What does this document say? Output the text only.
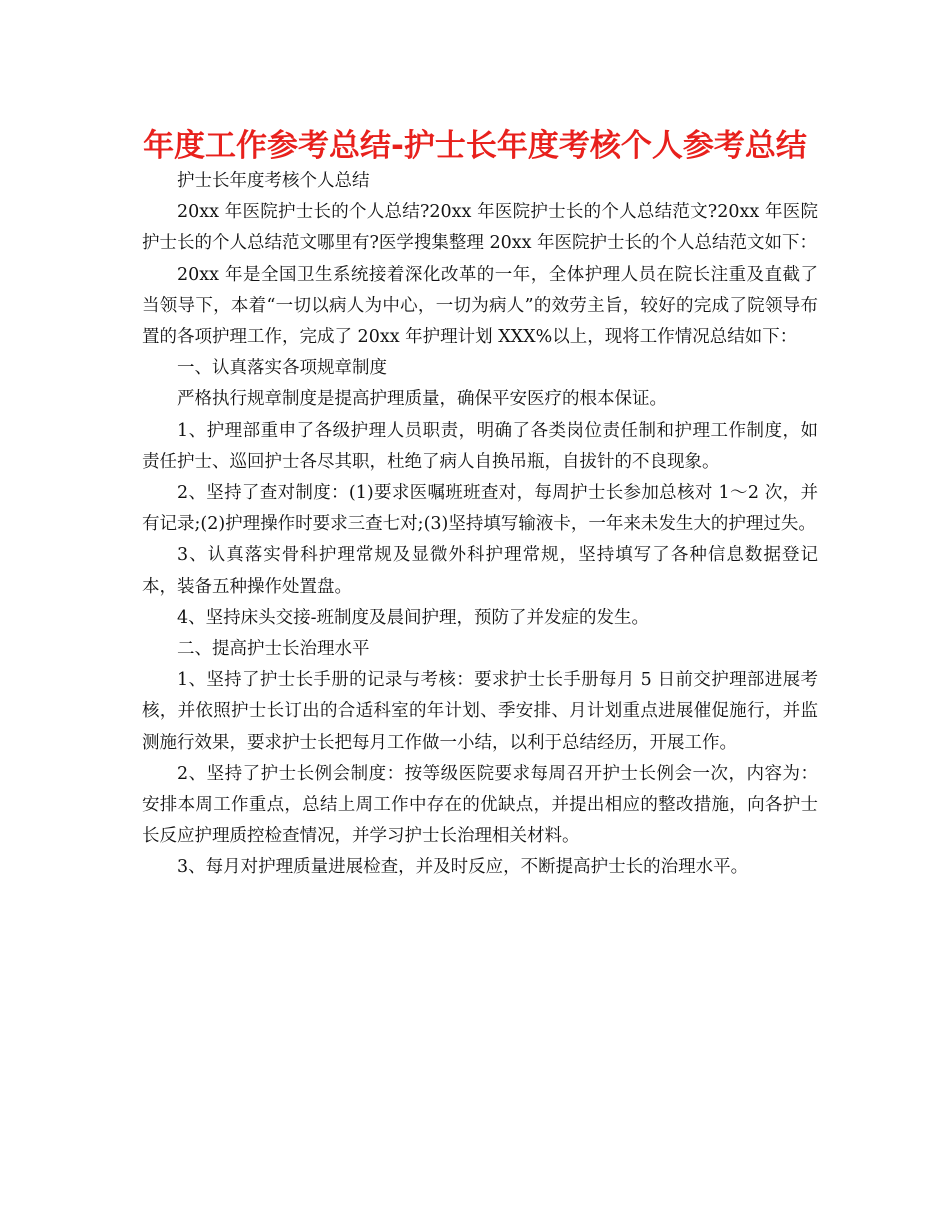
年度工作参考总结-护士长年度考核个人参考总结

护士长年度考核个人总结

20xx 年医院护士长的个人总结?20xx 年医院护士长的个人总结范文?20xx 年医院护士长的个人总结范文哪里有?医学搜集整理 20xx 年医院护士长的个人总结范文如下：

20xx 年是全国卫生系统接着深化改革的一年，全体护理人员在院长注重及直截了当领导下，本着“一切以病人为中心，一切为病人”的效劳主旨，较好的完成了院领导布置的各项护理工作，完成了 20xx 年护理计划 XXX%以上，现将工作情况总结如下：

一、认真落实各项规章制度

严格执行规章制度是提高护理质量，确保平安医疗的根本保证。

1、护理部重申了各级护理人员职责，明确了各类岗位责任制和护理工作制度，如责任护士、巡回护士各尽其职，杜绝了病人自换吊瓶，自拔针的不良现象。

2、坚持了查对制度：(1)要求医嘱班班查对，每周护士长参加总核对 1～2 次，并有记录;(2)护理操作时要求三查七对;(3)坚持填写输液卡，一年来未发生大的护理过失。

3、认真落实骨科护理常规及显微外科护理常规，坚持填写了各种信息数据登记本，装备五种操作处置盘。

4、坚持床头交接-班制度及晨间护理，预防了并发症的发生。

二、提高护士长治理水平

1、坚持了护士长手册的记录与考核：要求护士长手册每月 5 日前交护理部进展考核，并依照护士长订出的合适科室的年计划、季安排、月计划重点进展催促施行，并监测施行效果，要求护士长把每月工作做一小结，以利于总结经历，开展工作。

2、坚持了护士长例会制度：按等级医院要求每周召开护士长例会一次，内容为：安排本周工作重点，总结上周工作中存在的优缺点，并提出相应的整改措施，向各护士长反应护理质控检查情况，并学习护士长治理相关材料。

3、每月对护理质量进展检查，并及时反应，不断提高护士长的治理水平。
